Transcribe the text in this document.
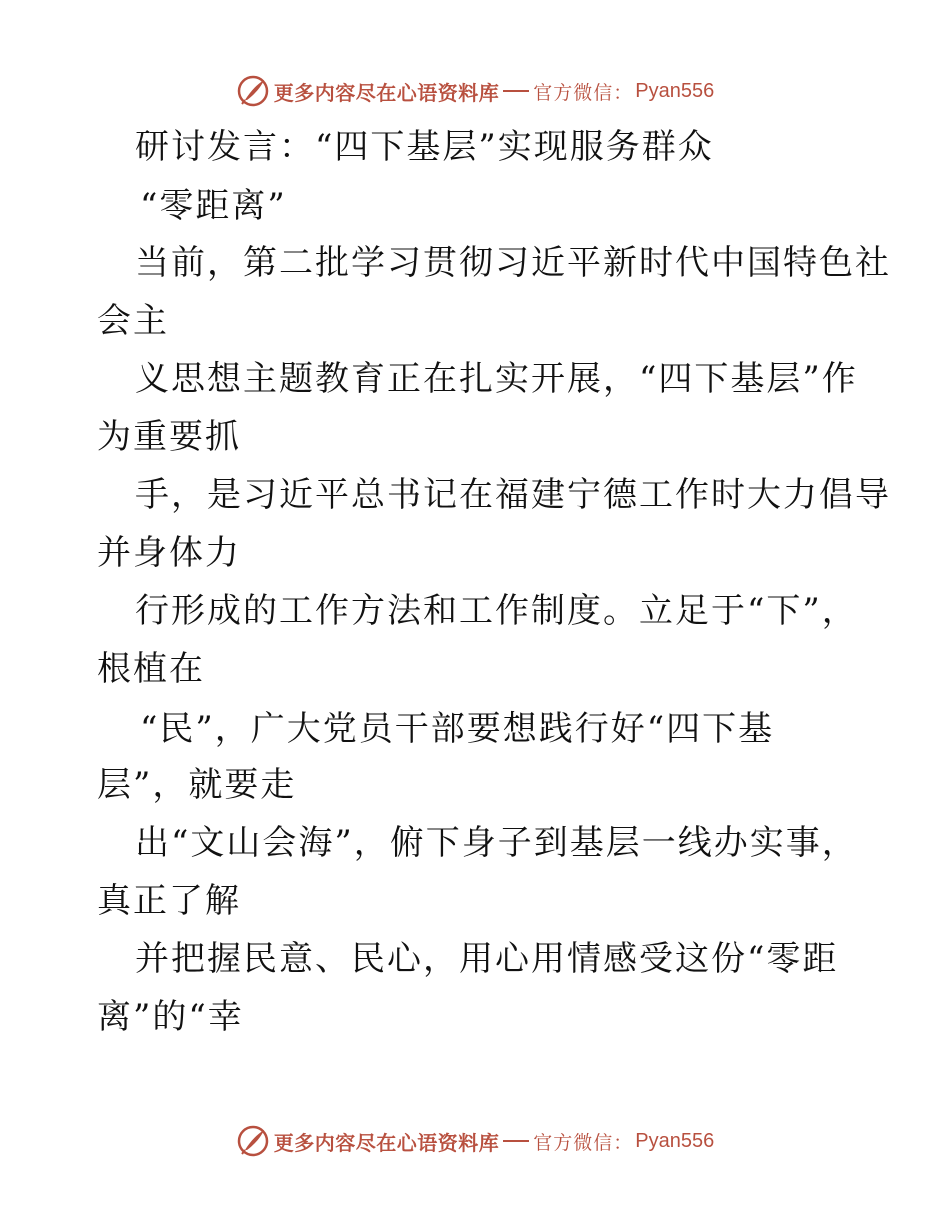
更多内容尽在心语资料库 官方微信： Pyan556
研讨发言：“四下基层”实现服务群众
“零距离”
当前，第二批学习贯彻习近平新时代中国特色社
会主
义思想主题教育正在扎实开展，“四下基层”作
为重要抓
手，是习近平总书记在福建宁德工作时大力倡导
并身体力
行形成的工作方法和工作制度。立足于“下”，
根植在
“民”，广大党员干部要想践行好“四下基
层”，就要走
出“文山会海”，俯下身子到基层一线办实事，
真正了解
并把握民意、民心，用心用情感受这份“零距
离”的“幸
更多内容尽在心语资料库 官方微信： Pyan556
